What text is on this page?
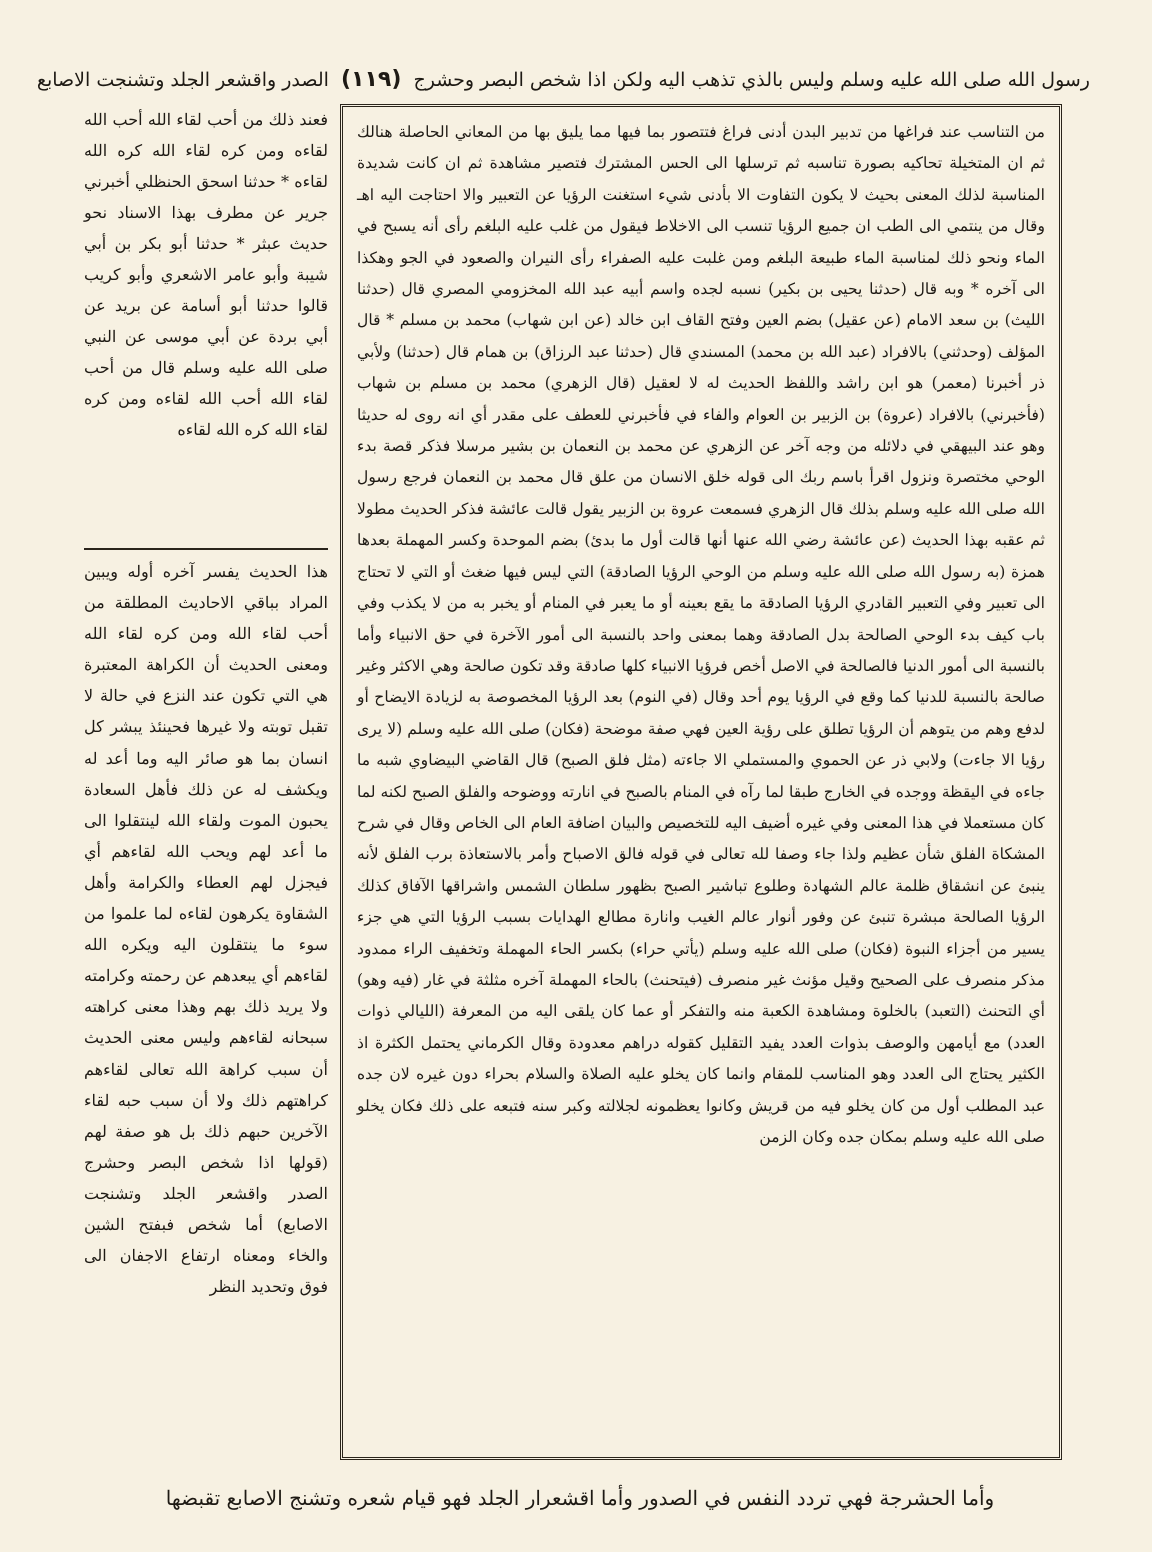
رسول الله صلى الله عليه وسلم وليس بالذي تذهب اليه ولكن اذا شخص البصر وحشرج (١١٩) الصدر واقشعر الجلد وتشنجت الاصابع

من التناسب عند فراغها من تدبير البدن أدنى فراغ فتتصور بما فيها مما يليق بها من المعاني الحاصلة هنالك ثم ان المتخيلة تحاكيه بصورة تناسبه ثم ترسلها الى الحس المشترك فتصير مشاهدة ثم ان كانت شديدة المناسبة لذلك المعنى بحيث لا يكون التفاوت الا بأدنى شيء استغنت الرؤيا عن التعبير والا احتاجت اليه اهـ وقال من ينتمي الى الطب ان جميع الرؤيا تنسب الى الاخلاط فيقول من غلب عليه البلغم رأى أنه يسبح في الماء ونحو ذلك لمناسبة الماء طبيعة البلغم ومن غلبت عليه الصفراء رأى النيران والصعود في الجو وهكذا الى آخره * وبه قال (حدثنا يحيى بن بكير) نسبه لجده واسم أبيه عبد الله المخزومي المصري قال (حدثنا الليث) بن سعد الامام (عن عقيل) بضم العين وفتح القاف ابن خالد (عن ابن شهاب) محمد بن مسلم * قال المؤلف (وحدثني) بالافراد (عبد الله بن محمد) المسندي قال (حدثنا عبد الرزاق) بن همام قال (حدثنا) ولأبي ذر أخبرنا (معمر) هو ابن راشد واللفظ الحديث له لا لعقيل (قال الزهري) محمد بن مسلم بن شهاب (فأخبرني) بالافراد (عروة) بن الزبير بن العوام والفاء في فأخبرني للعطف على مقدر أي انه روى له حديثا وهو عند البيهقي في دلائله من وجه آخر عن الزهري عن محمد بن النعمان بن بشير مرسلا فذكر قصة بدء الوحي مختصرة ونزول اقرأ باسم ربك الى قوله خلق الانسان من علق قال محمد بن النعمان فرجع رسول الله صلى الله عليه وسلم بذلك قال الزهري فسمعت عروة بن الزبير يقول قالت عائشة فذكر الحديث مطولا ثم عقبه بهذا الحديث (عن عائشة رضي الله عنها أنها قالت أول ما بدئ) بضم الموحدة وكسر المهملة بعدها همزة (به رسول الله صلى الله عليه وسلم من الوحي الرؤيا الصادقة) التي ليس فيها ضغث أو التي لا تحتاج الى تعبير وفي التعبير القادري الرؤيا الصادقة ما يقع بعينه أو ما يعبر في المنام أو يخبر به من لا يكذب وفي باب كيف بدء الوحي الصالحة بدل الصادقة وهما بمعنى واحد بالنسبة الى أمور الآخرة في حق الانبياء وأما بالنسبة الى أمور الدنيا فالصالحة في الاصل أخص فرؤيا الانبياء كلها صادقة وقد تكون صالحة وهي الاكثر وغير صالحة بالنسبة للدنيا كما وقع في الرؤيا يوم أحد وقال (في النوم) بعد الرؤيا المخصوصة به لزيادة الايضاح أو لدفع وهم من يتوهم أن الرؤيا تطلق على رؤية العين فهي صفة موضحة (فكان) صلى الله عليه وسلم (لا يرى رؤيا الا جاءت) ولابي ذر عن الحموي والمستملي الا جاءته (مثل فلق الصبح) قال القاضي البيضاوي شبه ما جاءه في اليقظة ووجده في الخارج طبقا لما رآه في المنام بالصبح في انارته ووضوحه والفلق الصبح لكنه لما كان مستعملا في هذا المعنى وفي غيره أضيف اليه للتخصيص والبيان اضافة العام الى الخاص وقال في شرح المشكاة الفلق شأن عظيم ولذا جاء وصفا لله تعالى في قوله فالق الاصباح وأمر بالاستعاذة برب الفلق لأنه ينبئ عن انشقاق ظلمة عالم الشهادة وطلوع تباشير الصبح بظهور سلطان الشمس واشراقها الآفاق كذلك الرؤيا الصالحة مبشرة تنبئ عن وفور أنوار عالم الغيب وانارة مطالع الهدايات بسبب الرؤيا التي هي جزء يسير من أجزاء النبوة (فكان) صلى الله عليه وسلم (يأتي حراء) بكسر الحاء المهملة وتخفيف الراء ممدود مذكر منصرف على الصحيح وقيل مؤنث غير منصرف (فيتحنث) بالحاء المهملة آخره مثلثة في غار (فيه وهو) أي التحنث (التعبد) بالخلوة ومشاهدة الكعبة منه والتفكر أو عما كان يلقى اليه من المعرفة (الليالي ذوات العدد) مع أيامهن والوصف بذوات العدد يفيد التقليل كقوله دراهم معدودة وقال الكرماني يحتمل الكثرة اذ الكثير يحتاج الى العدد وهو المناسب للمقام وانما كان يخلو عليه الصلاة والسلام بحراء دون غيره لان جده عبد المطلب أول من كان يخلو فيه من قريش وكانوا يعظمونه لجلالته وكبر سنه فتبعه على ذلك فكان يخلو صلى الله عليه وسلم بمكان جده وكان الزمن

فعند ذلك من أحب لقاء الله أحب الله لقاءه ومن كره لقاء الله كره الله لقاءه * حدثنا اسحق الحنظلي أخبرني جرير عن مطرف بهذا الاسناد نحو حديث عبثر * حدثنا أبو بكر بن أبي شيبة وأبو عامر الاشعري وأبو كريب قالوا حدثنا أبو أسامة عن بريد عن أبي بردة عن أبي موسى عن النبي صلى الله عليه وسلم قال من أحب لقاء الله أحب الله لقاءه ومن كره لقاء الله كره الله لقاءه

هذا الحديث يفسر آخره أوله ويبين المراد بباقي الاحاديث المطلقة من أحب لقاء الله ومن كره لقاء الله ومعنى الحديث أن الكراهة المعتبرة هي التي تكون عند النزع في حالة لا تقبل توبته ولا غيرها فحينئذ يبشر كل انسان بما هو صائر اليه وما أعد له ويكشف له عن ذلك فأهل السعادة يحبون الموت ولقاء الله لينتقلوا الى ما أعد لهم ويحب الله لقاءهم أي فيجزل لهم العطاء والكرامة وأهل الشقاوة يكرهون لقاءه لما علموا من سوء ما ينتقلون اليه ويكره الله لقاءهم أي يبعدهم عن رحمته وكرامته ولا يريد ذلك بهم وهذا معنى كراهته سبحانه لقاءهم وليس معنى الحديث أن سبب كراهة الله تعالى لقاءهم كراهتهم ذلك ولا أن سبب حبه لقاء الآخرين حبهم ذلك بل هو صفة لهم (قولها اذا شخص البصر وحشرج الصدر واقشعر الجلد وتشنجت الاصابع) أما شخص فبفتح الشين والخاء ومعناه ارتفاع الاجفان الى فوق وتحديد النظر

وأما الحشرجة فهي تردد النفس في الصدور وأما اقشعرار الجلد فهو قيام شعره وتشنج الاصابع تقبضها
